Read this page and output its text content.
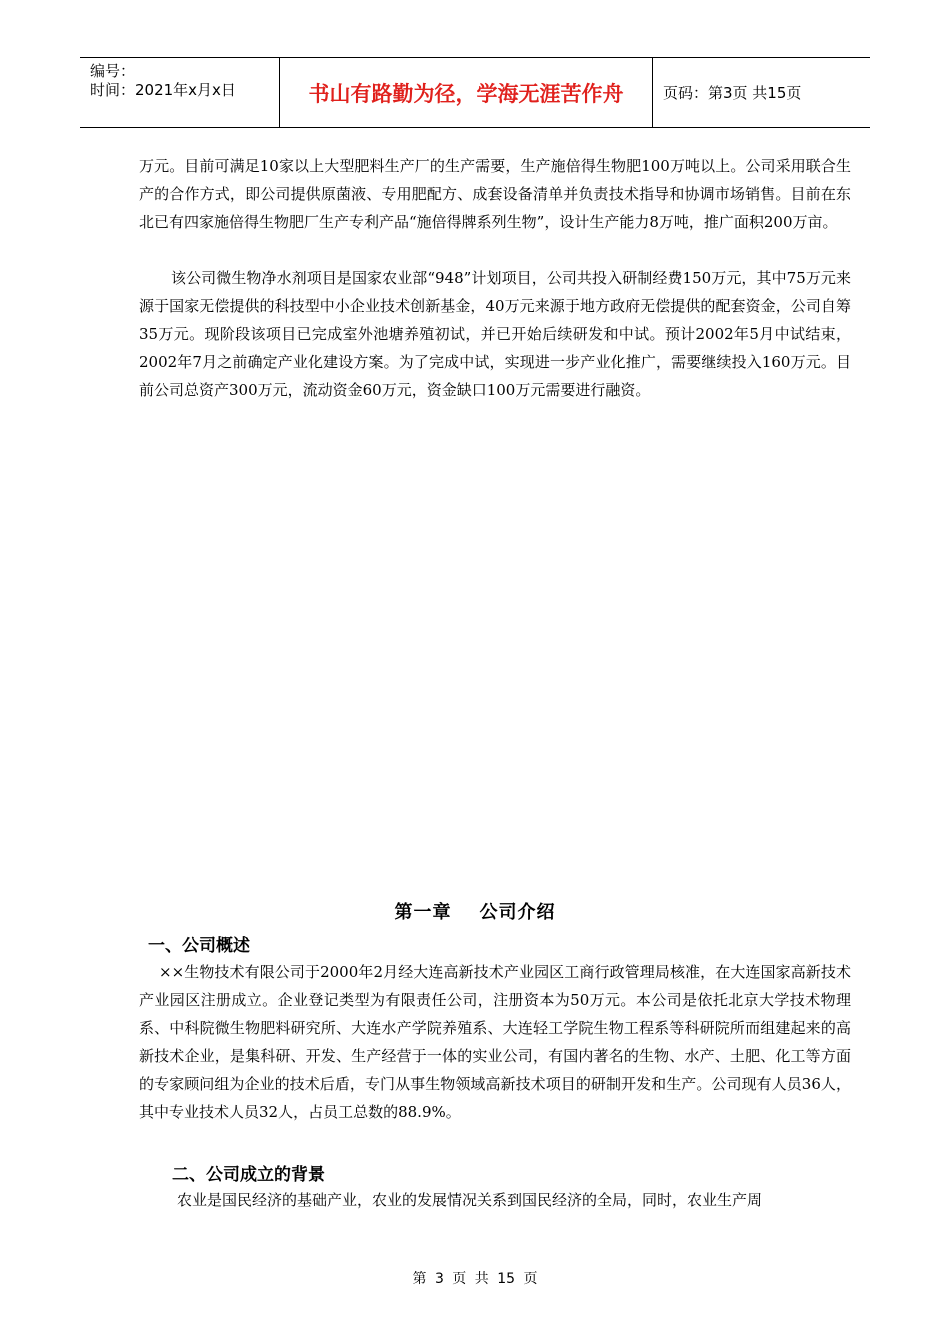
编号：
时间：2021年x月x日	书山有路勤为径，学海无涯苦作舟	页码：第3页 共15页

万元。目前可满足10家以上大型肥料生产厂的生产需要，生产施倍得生物肥100万吨以上。公司采用联合生产的合作方式，即公司提供原菌液、专用肥配方、成套设备清单并负责技术指导和协调市场销售。目前在东北已有四家施倍得生物肥厂生产专利产品“施倍得牌系列生物”，设计生产能力8万吨，推广面积200万亩。

该公司微生物净水剂项目是国家农业部“948”计划项目，公司共投入研制经费150万元，其中75万元来源于国家无偿提供的科技型中小企业技术创新基金，40万元来源于地方政府无偿提供的配套资金，公司自筹35万元。现阶段该项目已完成室外池塘养殖初试，并已开始后续研发和中试。预计2002年5月中试结束，2002年7月之前确定产业化建设方案。为了完成中试，实现进一步产业化推广，需要继续投入160万元。目前公司总资产300万元，流动资金60万元，资金缺口100万元需要进行融资。

第一章 公司介绍

一、公司概述

××生物技术有限公司于2000年2月经大连高新技术产业园区工商行政管理局核准，在大连国家高新技术产业园区注册成立。企业登记类型为有限责任公司，注册资本为50万元。本公司是依托北京大学技术物理系、中科院微生物肥料研究所、大连水产学院养殖系、大连轻工学院生物工程系等科研院所而组建起来的高新技术企业，是集科研、开发、生产经营于一体的实业公司，有国内著名的生物、水产、土肥、化工等方面的专家顾问组为企业的技术后盾，专门从事生物领域高新技术项目的研制开发和生产。公司现有人员36人，其中专业技术人员32人，占员工总数的88.9%。

二、公司成立的背景

农业是国民经济的基础产业，农业的发展情况关系到国民经济的全局，同时，农业生产周

第 3 页 共 15 页
